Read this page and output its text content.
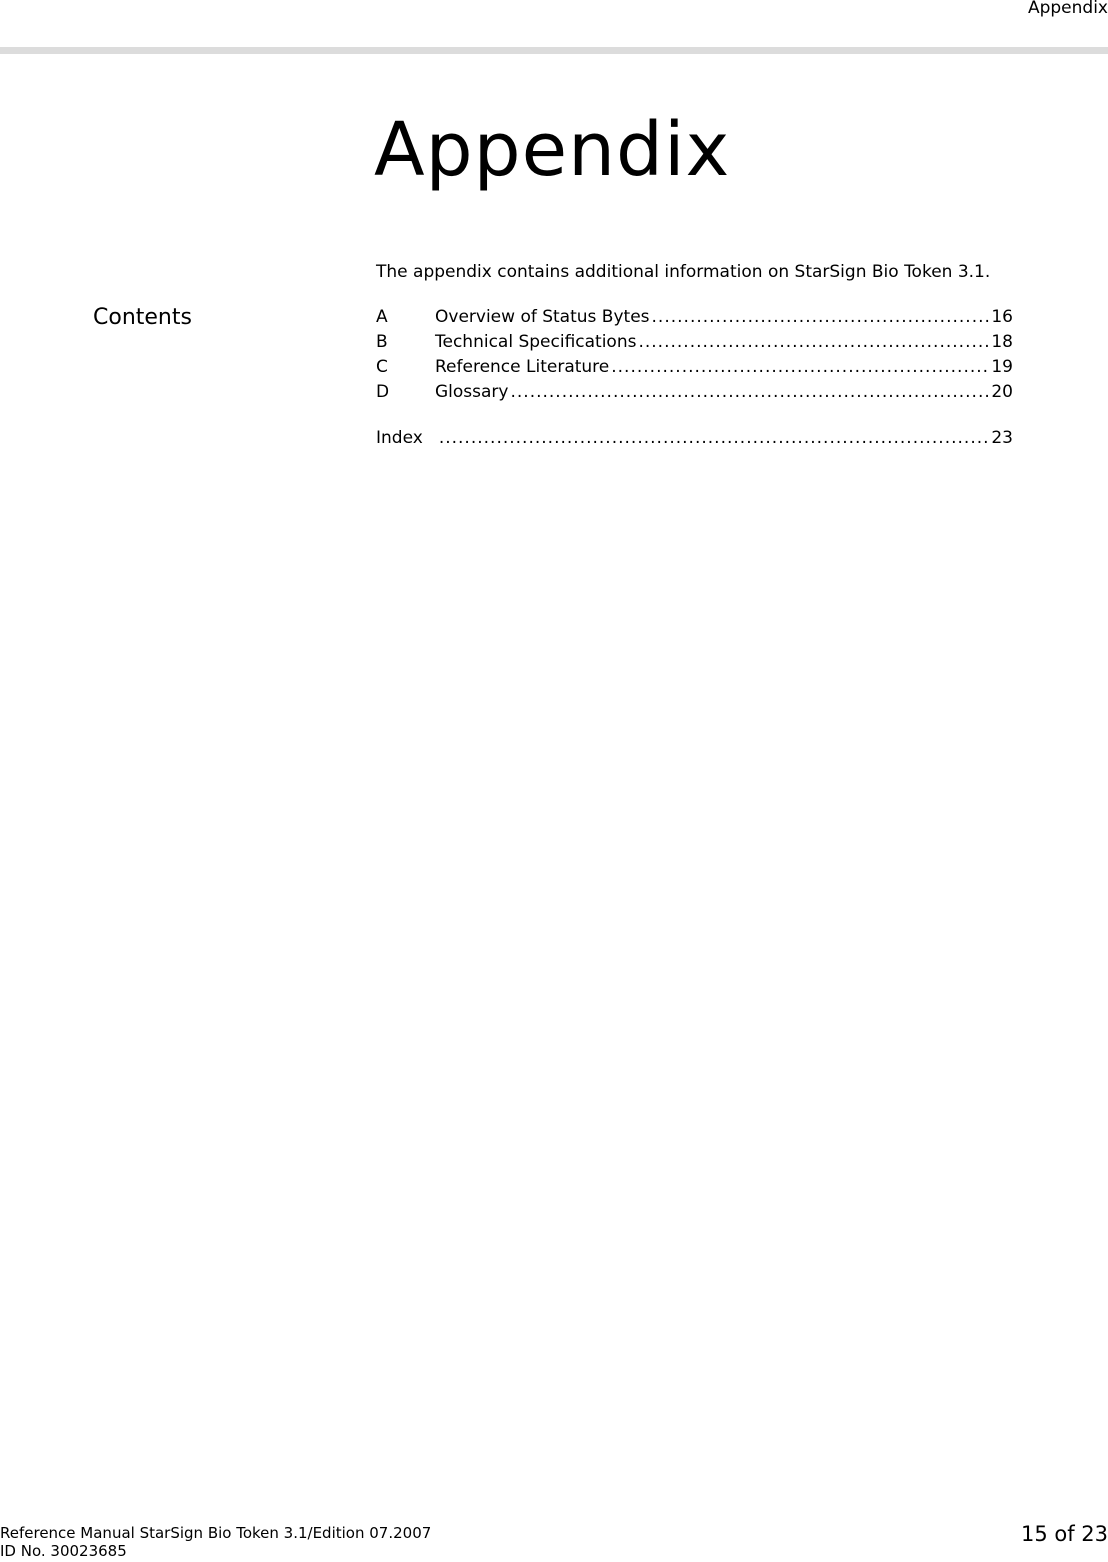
Appendix
Appendix
The appendix contains additional information on StarSign Bio Token 3.1.
Contents	A	Overview of Status Bytes .....	16
B	Technical Specifications .....	18
C	Reference Literature .....	19
D	Glossary .....	20
Index .....	23
Reference Manual StarSign Bio Token 3.1/Edition 07.2007
ID No. 30023685
15 of 23
